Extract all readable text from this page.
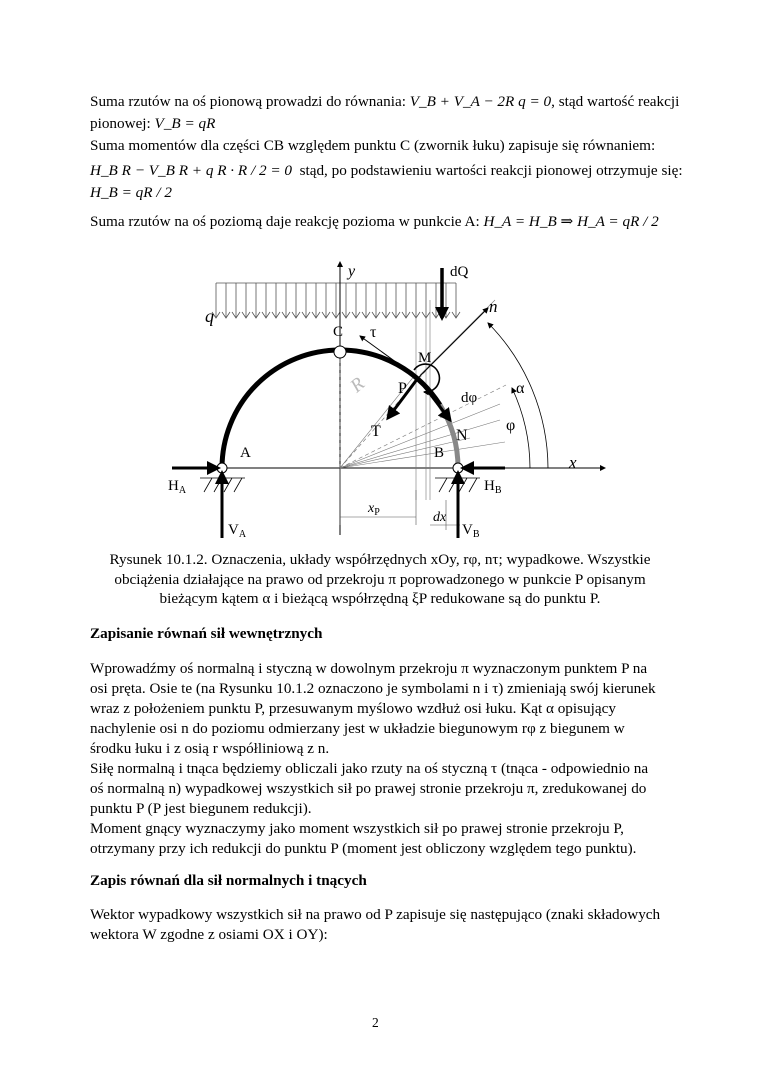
Suma rzutów na oś pionową prowadzi do równania: V_B + V_A − 2R q = 0, stąd wartość reakcji
pionowej: V_B = qR
Suma momentów dla części CB względem punktu C (zwornik łuku) zapisuje się równaniem:
H_B R − V_B R + q R · R / 2 = 0 stąd, po podstawieniu wartości reakcji pionowej otrzymuje się:
H_B = qR / 2
Suma rzutów na oś poziomą daje reakcję pozioma w punkcie A: H_A = H_B ⇒ H_A = qR / 2
y	dQ
n
q
C τ
M
R P	α
dφ
φ
T	N
A	B	x
$H_A$	$H_B$
$V_A$	$V_B$
$x_P$	dx
Rysunek 10.1.2. Oznaczenia, układy współrzędnych xOy, rφ, nτ; wypadkowe. Wszystkie obciążenia działające na prawo od przekroju π poprowadzonego w punkcie P opisanym bieżącym kątem α i bieżącą współrzędną ξP redukowane są do punktu P.
Zapisanie równań sił wewnętrznych
Wprowadźmy oś normalną i styczną w dowolnym przekroju π wyznaczonym punktem P na
osi pręta. Osie te (na Rysunku 10.1.2 oznaczono je symbolami n i τ) zmieniają swój kierunek
wraz z położeniem punktu P, przesuwanym myślowo wzdłuż osi łuku. Kąt α opisujący
nachylenie osi n do poziomu odmierzany jest w układzie biegunowym rφ z biegunem w
środku łuku i z osią r współliniową z n.
Siłę normalną i tnąca będziemy obliczali jako rzuty na oś styczną τ (tnąca - odpowiednio na
oś normalną n) wypadkowej wszystkich sił po prawej stronie przekroju π, zredukowanej do
punktu P (P jest biegunem redukcji).
Moment gnący wyznaczymy jako moment wszystkich sił po prawej stronie przekroju P,
otrzymany przy ich redukcji do punktu P (moment jest obliczony względem tego punktu).
Zapis równań dla sił normalnych i tnących
Wektor wypadkowy wszystkich sił na prawo od P zapisuje się następująco (znaki składowych
wektora W zgodne z osiami OX i OY):
2
